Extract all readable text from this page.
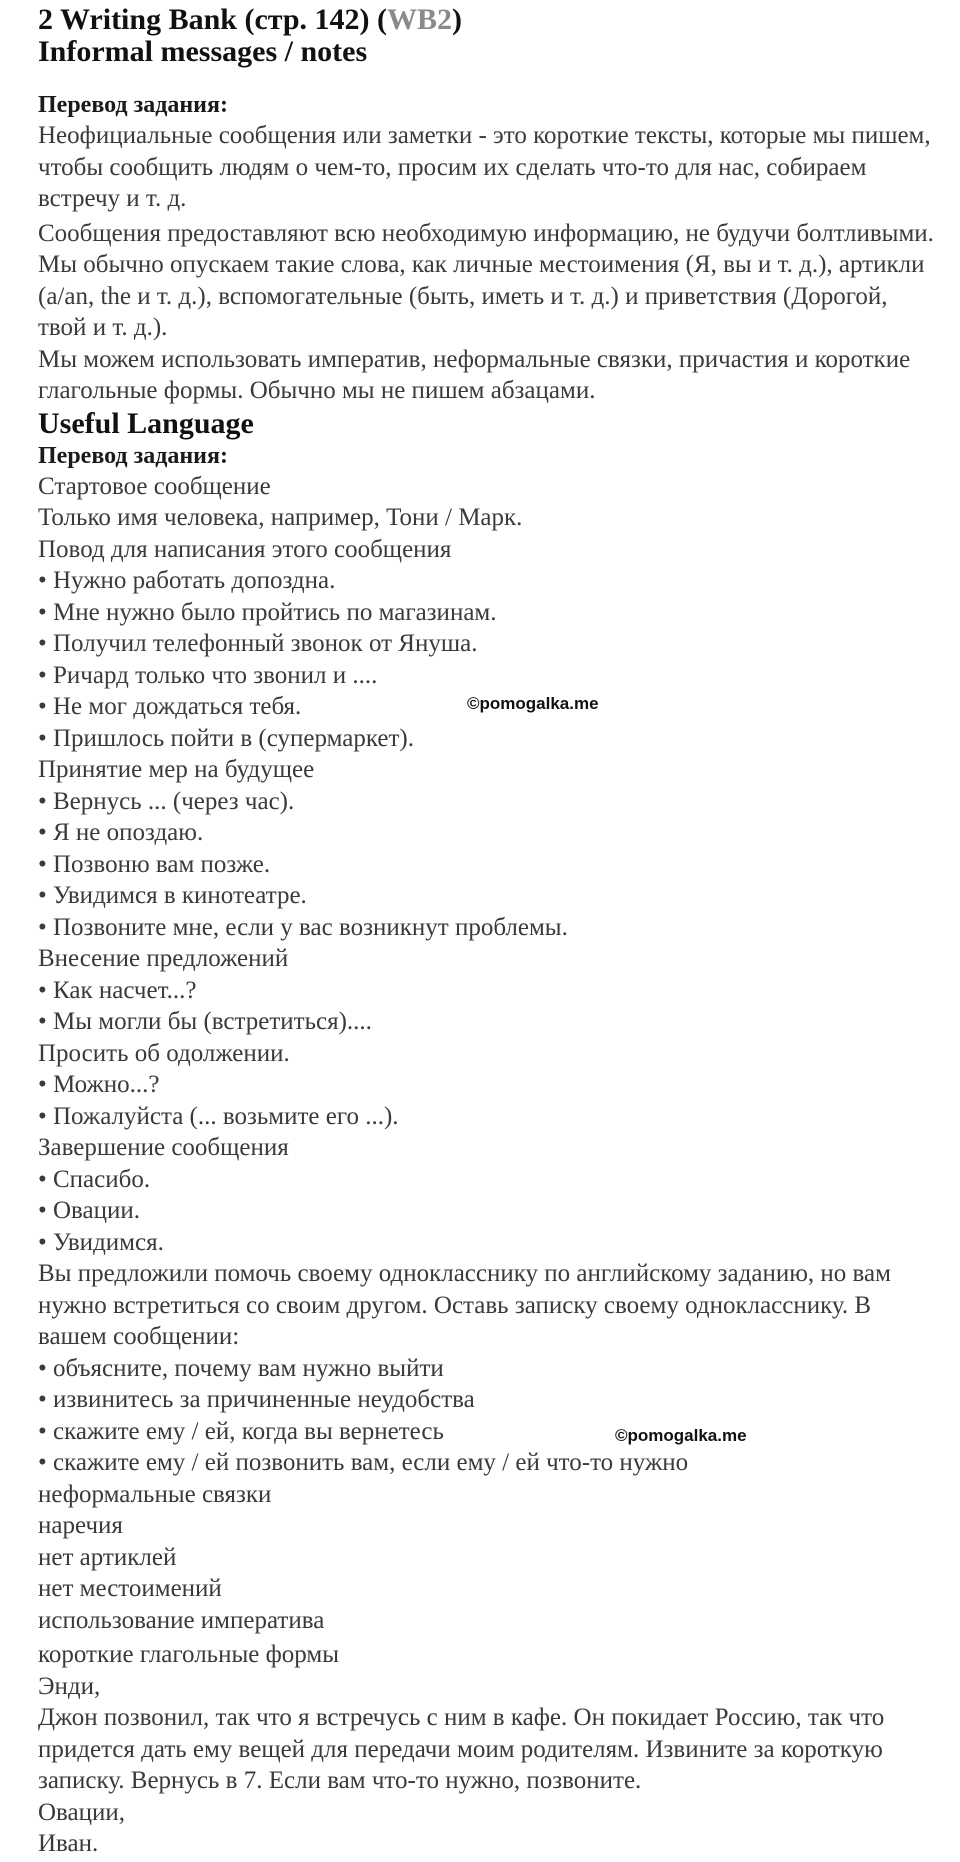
2 Writing Bank (стр. 142) (WB2)
Informal messages / notes
Перевод задания:

Неофициальные сообщения или заметки - это короткие тексты, которые мы пишем, чтобы сообщить людям о чем-то, просим их сделать что-то для нас, собираем встречу и т. д.

Сообщения предоставляют всю необходимую информацию, не будучи болтливыми. Мы обычно опускаем такие слова, как личные местоимения (Я, вы и т. д.), артикли (a/an, the и т. д.), вспомогательные (быть, иметь и т. д.) и приветствия (Дорогой, твой и т. д.).

Мы можем использовать императив, неформальные связки, причастия и короткие глагольные формы. Обычно мы не пишем абзацами.

Useful Language
Перевод задания:
Стартовое сообщение
Только имя человека, например, Тони / Марк.
Повод для написания этого сообщения
• Нужно работать допоздна.
• Мне нужно было пройтись по магазинам.
• Получил телефонный звонок от Януша.
• Ричард только что звонил и ....
• Не мог дождаться тебя.
• Пришлось пойти в (супермаркет).
Принятие мер на будущее
• Вернусь ... (через час).
• Я не опоздаю.
• Позвоню вам позже.
• Увидимся в кинотеатре.
• Позвоните мне, если у вас возникнут проблемы.
Внесение предложений
• Как насчет...?
• Мы могли бы (встретиться)....
Просить об одолжении.
• Можно...?
• Пожалуйста (... возьмите его ...).
Завершение сообщения
• Спасибо.
• Овации.
• Увидимся.

Вы предложили помочь своему однокласснику по английскому заданию, но вам нужно встретиться со своим другом. Оставь записку своему однокласснику. В вашем сообщении:

• объясните, почему вам нужно выйти
• извинитесь за причиненные неудобства
• скажите ему / ей, когда вы вернетесь
• скажите ему / ей позвонить вам, если ему / ей что-то нужно
неформальные связки
наречия
нет артиклей
нет местоимений
использование императива
короткие глагольные формы
Энди,

Джон позвонил, так что я встречусь с ним в кафе. Он покидает Россию, так что придется дать ему вещей для передачи моим родителям. Извините за короткую записку. Вернусь в 7. Если вам что-то нужно, позвоните.

Овации,
Иван.
©pomogalka.me
©pomogalka.me
